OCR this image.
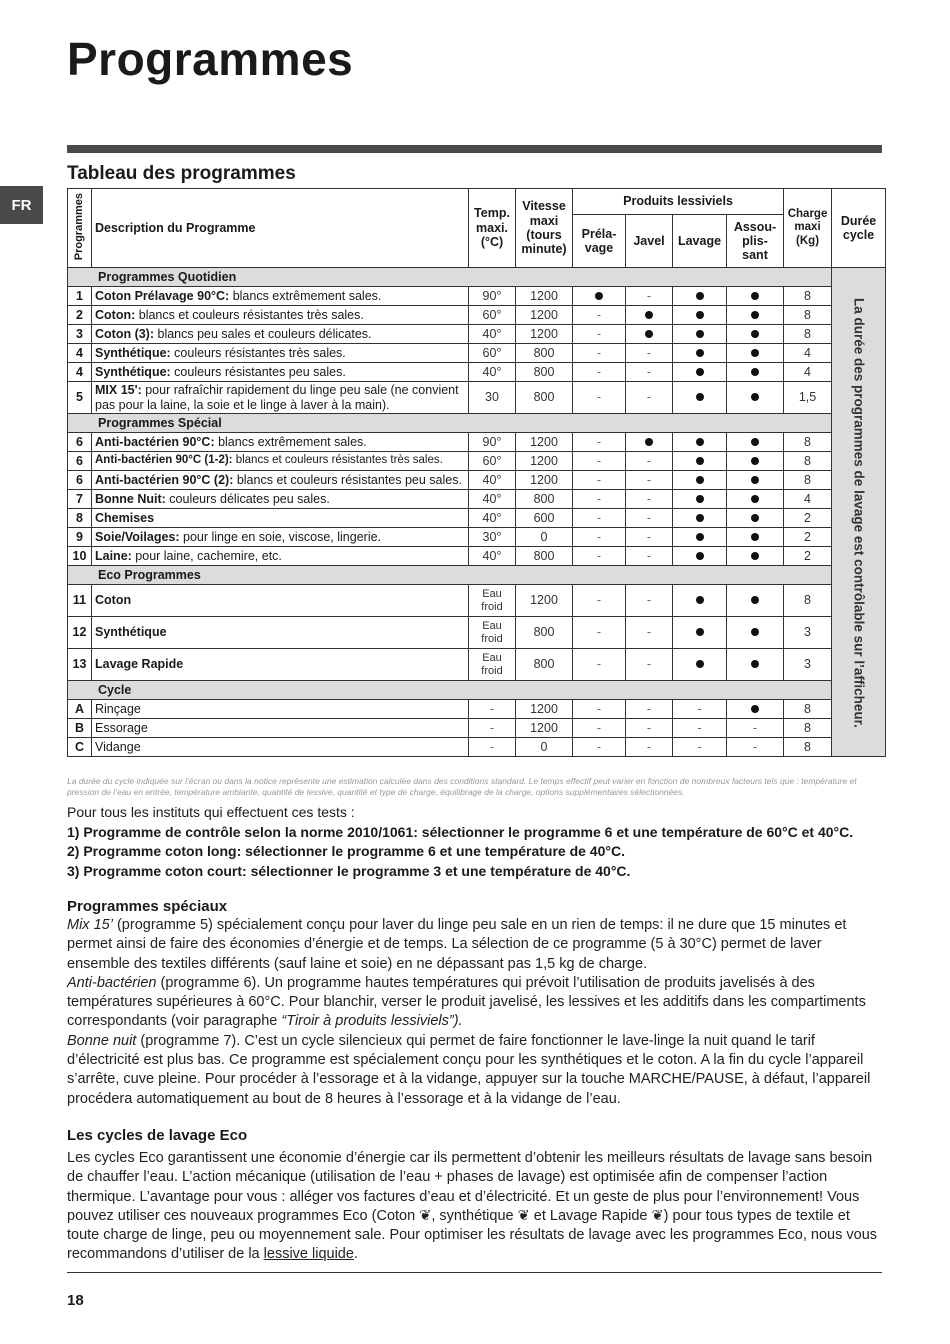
Programmes
FR
Tableau des programmes
Programmes	Description du Programme	Temp. maxi. (°C)	Vitesse maxi (tours minute)	Produits lessiviels				Charge maxi (Kg)	Durée cycle
				Préla-vage	Javel	Lavage	Assou-plis-sant		
Programmes Quotidien									La durée des programmes de lavage est contrôlable sur l’afficheur.
1	Coton Prélavage 90°C: blancs extrêmement sales.	90°	1200		-			8	
2	Coton: blancs et couleurs résistantes très sales.	60°	1200	-				8	
3	Coton (3): blancs peu sales et couleurs délicates.	40°	1200	-				8	
4	Synthétique: couleurs résistantes très sales.	60°	800	-	-			4	
4	Synthétique: couleurs résistantes peu sales.	40°	800	-	-			4	
5	MIX 15': pour rafraîchir rapidement du linge peu sale (ne convient pas pour la laine, la soie et le linge à laver à la main).	30	800	-	-			1,5	
Programmes Spécial									
6	Anti-bactérien 90°C: blancs extrêmement sales.	90°	1200	-				8	
6	Anti-bactérien 90°C (1-2): blancs et couleurs résistantes très sales.	60°	1200	-	-			8	
6	Anti-bactérien 90°C (2): blancs et couleurs résistantes peu sales.	40°	1200	-	-			8	
7	Bonne Nuit: couleurs délicates peu sales.	40°	800	-	-			4	
8	Chemises	40°	600	-	-			2	
9	Soie/Voilages: pour linge en soie, viscose, lingerie.	30°	0	-	-			2	
10	Laine: pour laine, cachemire, etc.	40°	800	-	-			2	
Eco Programmes									
11	Coton	Eau froid	1200	-	-			8	
12	Synthétique	Eau froid	800	-	-			3	
13	Lavage Rapide	Eau froid	800	-	-			3	
Cycle									
A	Rinçage	-	1200	-	-	-		8	
B	Essorage	-	1200	-	-	-	-	8	
C	Vidange	-	0	-	-	-	-	8	
La durée du cycle indiquée sur l’écran ou dans la notice représente une estimation calculée dans des conditions standard. Le temps effectif peut varier en fonction de nombreux facteurs tels que : température et pression de l’eau en entrée, température ambiante, quantité de lessive, quantité et type de charge, équilibrage de la charge, options supplémentaires sélectionnées.
Pour tous les instituts qui effectuent ces tests :
1) Programme de contrôle selon la norme 2010/1061: sélectionner le programme 6 et une température de 60°C et 40°C.
2) Programme coton long: sélectionner le programme 6 et une température de 40°C.
3) Programme coton court: sélectionner le programme 3 et une température de 40°C.
Programmes spéciaux
Mix 15’ (programme 5) spécialement conçu pour laver du linge peu sale en un rien de temps: il ne dure que 15 minutes et permet ainsi de faire des économies d’énergie et de temps. La sélection de ce programme (5 à 30°C) permet de laver ensemble des textiles différents (sauf laine et soie) en ne dépassant pas 1,5 kg de charge.
Anti-bactérien (programme 6). Un programme hautes températures qui prévoit l’utilisation de produits javelisés à des températures supérieures à 60°C. Pour blanchir, verser le produit javelisé, les lessives et les additifs dans les compartiments correspondants (voir paragraphe “Tiroir à produits lessiviels”).
Bonne nuit (programme 7). C’est un cycle silencieux qui permet de faire fonctionner le lave-linge la nuit quand le tarif d’électricité est plus bas. Ce programme est spécialement conçu pour les synthétiques et le coton. A la fin du cycle l’appareil s’arrête, cuve pleine. Pour procéder à l’essorage et à la vidange, appuyer sur la touche MARCHE/PAUSE, à défaut, l’appareil procédera automatiquement au bout de 8 heures à l’essorage et à la vidange de l’eau.
Les cycles de lavage Eco
Les cycles Eco garantissent une économie d’énergie car ils permettent d’obtenir les meilleurs résultats de lavage sans besoin de chauffer l’eau. L’action mécanique (utilisation de l’eau + phases de lavage) est optimisée afin de compenser l’action thermique. L’avantage pour vous : alléger vos factures d’eau et d’électricité. Et un geste de plus pour l’environnement! Vous pouvez utiliser ces nouveaux programmes Eco (Coton ❦, synthétique ❦ et Lavage Rapide ❦) pour tous types de textile et toute charge de linge, peu ou moyennement sale. Pour optimiser les résultats de lavage avec les programmes Eco, nous vous recommandons d’utiliser de la lessive liquide.
18
